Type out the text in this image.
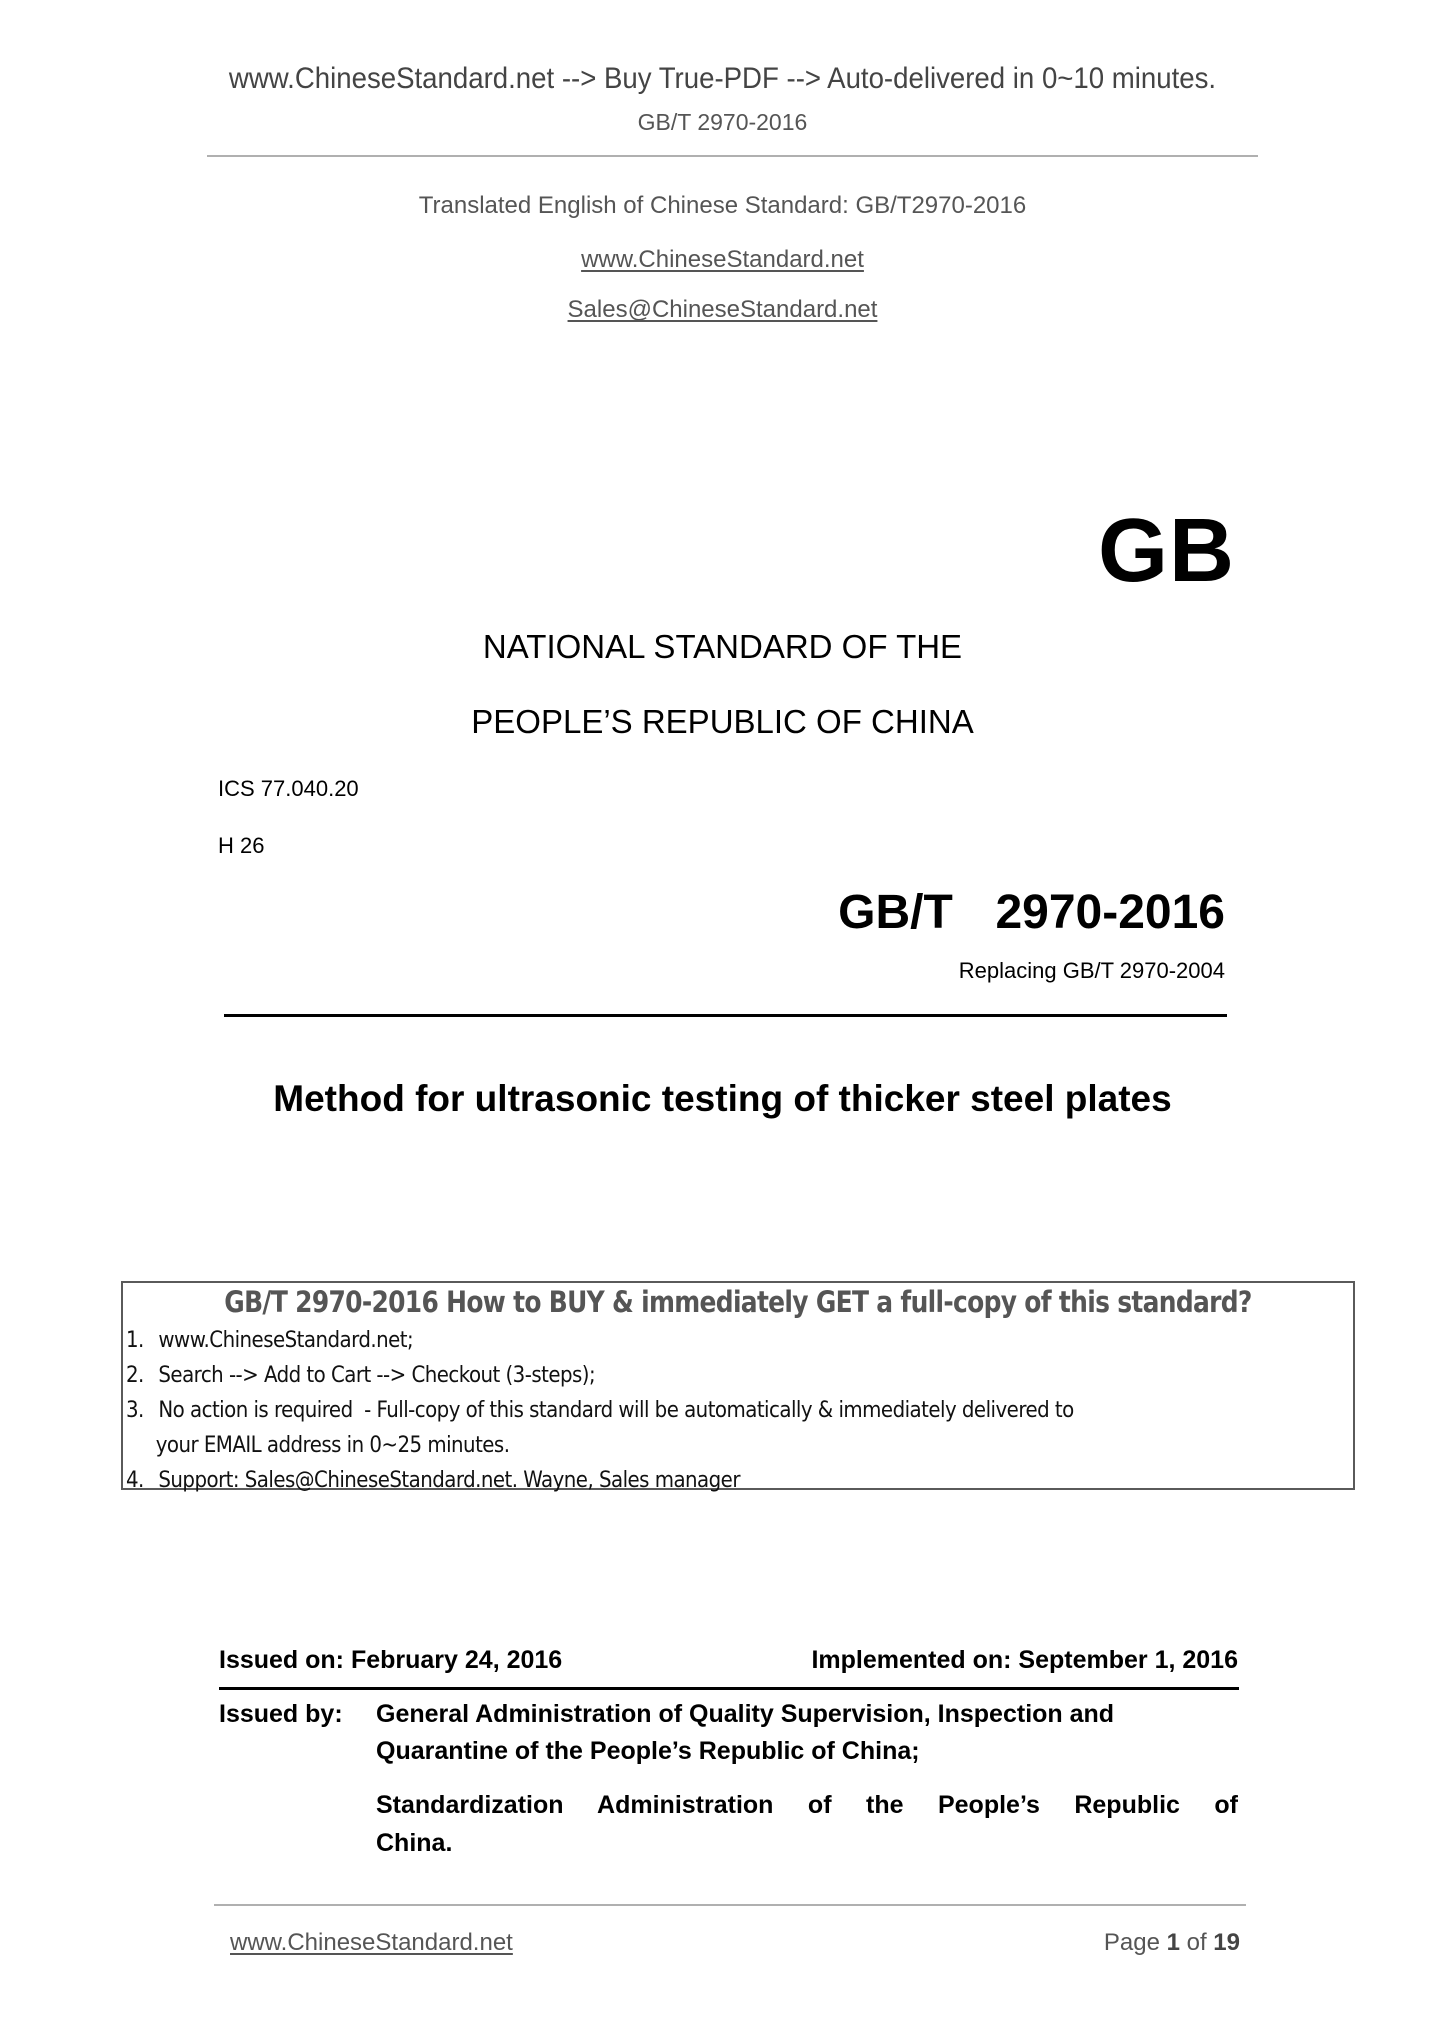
www.ChineseStandard.net --> Buy True-PDF --> Auto-delivered in 0~10 minutes.
GB/T 2970-2016
Translated English of Chinese Standard: GB/T2970-2016
www.ChineseStandard.net
Sales@ChineseStandard.net
GB
NATIONAL STANDARD OF THE
PEOPLE’S REPUBLIC OF CHINA
ICS 77.040.20
H 26
GB/T  2970-2016
Replacing GB/T 2970-2004
Method for ultrasonic testing of thicker steel plates
GB/T 2970-2016 How to BUY & immediately GET a full-copy of this standard?
1. www.ChineseStandard.net;
2. Search --> Add to Cart --> Checkout (3-steps);
3. No action is required  - Full-copy of this standard will be automatically & immediately delivered to
your EMAIL address in 0~25 minutes.
4. Support: Sales@ChineseStandard.net. Wayne, Sales manager
Issued on: February 24, 2016	Implemented on: September 1, 2016
Issued by: General Administration of Quality Supervision, Inspection and
Quarantine of the People’s Republic of China;
Standardization Administration of the People’s Republic of
China.
www.ChineseStandard.net	Page 1 of 19
